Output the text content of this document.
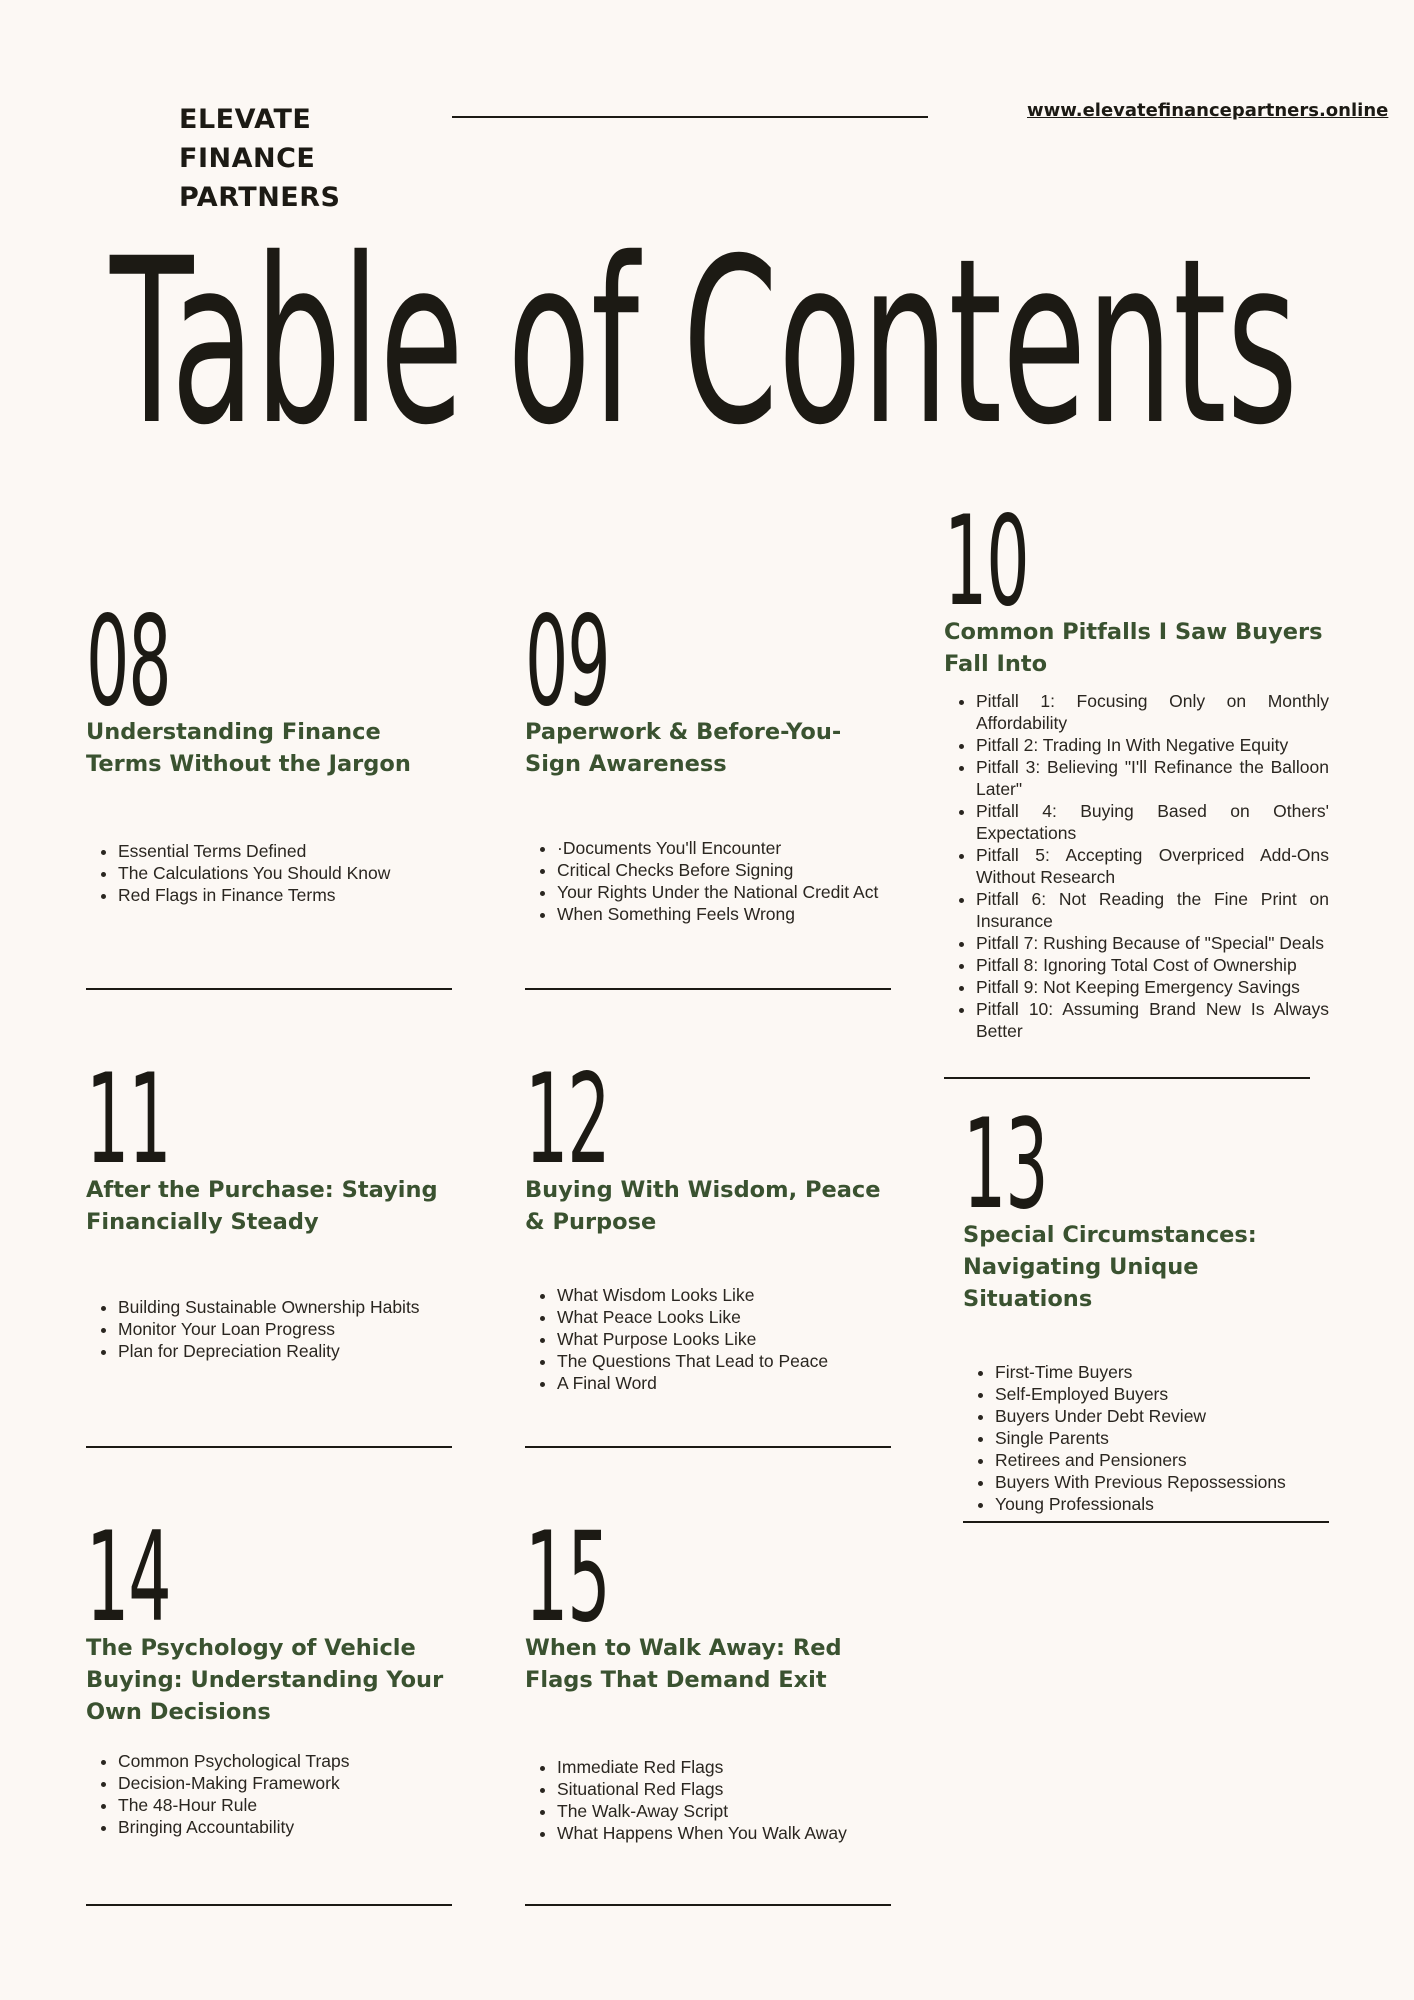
ELEVATE
FINANCE
PARTNERS
www.elevatefinancepartners.online
Table of Contents
08
Understanding Finance Terms Without the Jargon
• Essential Terms Defined
• The Calculations You Should Know
• Red Flags in Finance Terms
09
Paperwork & Before-You-Sign Awareness
• ·Documents You'll Encounter
• Critical Checks Before Signing
• Your Rights Under the National Credit Act
• When Something Feels Wrong
10
Common Pitfalls I Saw Buyers Fall Into
• Pitfall 1: Focusing Only on Monthly Affordability
• Pitfall 2: Trading In With Negative Equity
• Pitfall 3: Believing "I'll Refinance the Balloon Later"
• Pitfall 4: Buying Based on Others' Expectations
• Pitfall 5: Accepting Overpriced Add-Ons Without Research
• Pitfall 6: Not Reading the Fine Print on Insurance
• Pitfall 7: Rushing Because of "Special" Deals
• Pitfall 8: Ignoring Total Cost of Ownership
• Pitfall 9: Not Keeping Emergency Savings
• Pitfall 10: Assuming Brand New Is Always Better
11
After the Purchase: Staying Financially Steady
• Building Sustainable Ownership Habits
• Monitor Your Loan Progress
• Plan for Depreciation Reality
12
Buying With Wisdom, Peace & Purpose
• What Wisdom Looks Like
• What Peace Looks Like
• What Purpose Looks Like
• The Questions That Lead to Peace
• A Final Word
13
Special Circumstances: Navigating Unique Situations
• First-Time Buyers
• Self-Employed Buyers
• Buyers Under Debt Review
• Single Parents
• Retirees and Pensioners
• Buyers With Previous Repossessions
• Young Professionals
14
The Psychology of Vehicle Buying: Understanding Your Own Decisions
• Common Psychological Traps
• Decision-Making Framework
• The 48-Hour Rule
• Bringing Accountability
15
When to Walk Away: Red Flags That Demand Exit
• Immediate Red Flags
• Situational Red Flags
• The Walk-Away Script
• What Happens When You Walk Away
